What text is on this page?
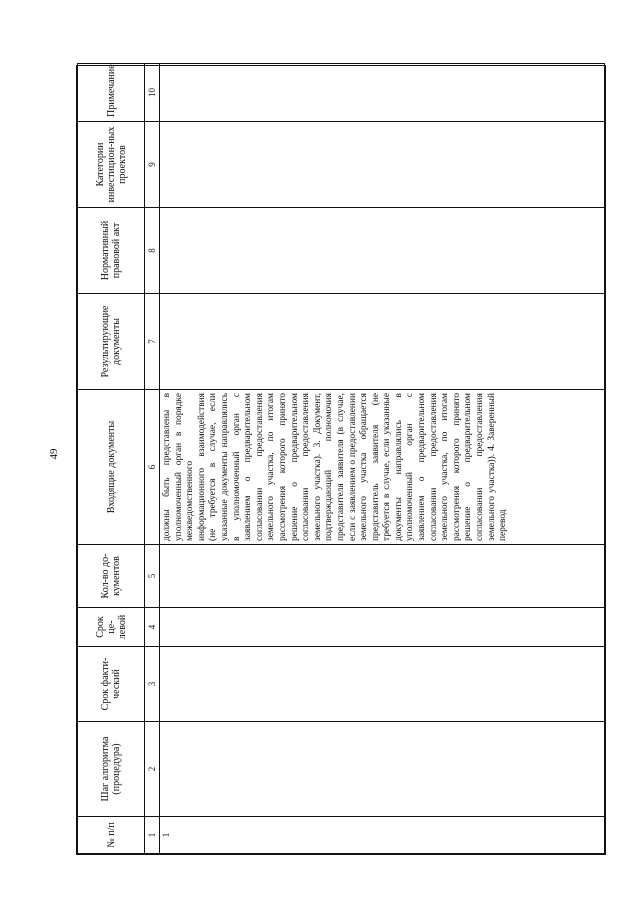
49
№ п/п	Шаг алгоритма (процедура)	Срок факти-ческий	Срок це-левой	Кол-во до-кументов	Входящие документы	Результирующие документы	Нормативный правовой акт	Категории инвестицион-ных проектов	Примечание
1	2	3	4	5	6	7	8	9	10

1					должны быть представлены в уполномоченный орган в порядке межведомственного информационного взаимодействия (не требуется в случае, если указанные документы направлялись в уполномоченный орган с заявлением о предварительном согласовании предоставления земельного участка, по итогам рассмотрения которого принято решение о предварительном согласовании предоставления земельного участка). 3. Документ, подтверждающий полномочия представителя заявителя (в случае, если с заявлением о предоставлении земельного участка обращается представитель заявителя (не требуется в случае, если указанные документы направлялись в уполномоченный орган с заявлением о предварительном согласовании предоставления земельного участка, по итогам рассмотрения которого принято решение о предварительном согласовании предоставления земельного участка)). 4. Заверенный перевод				
